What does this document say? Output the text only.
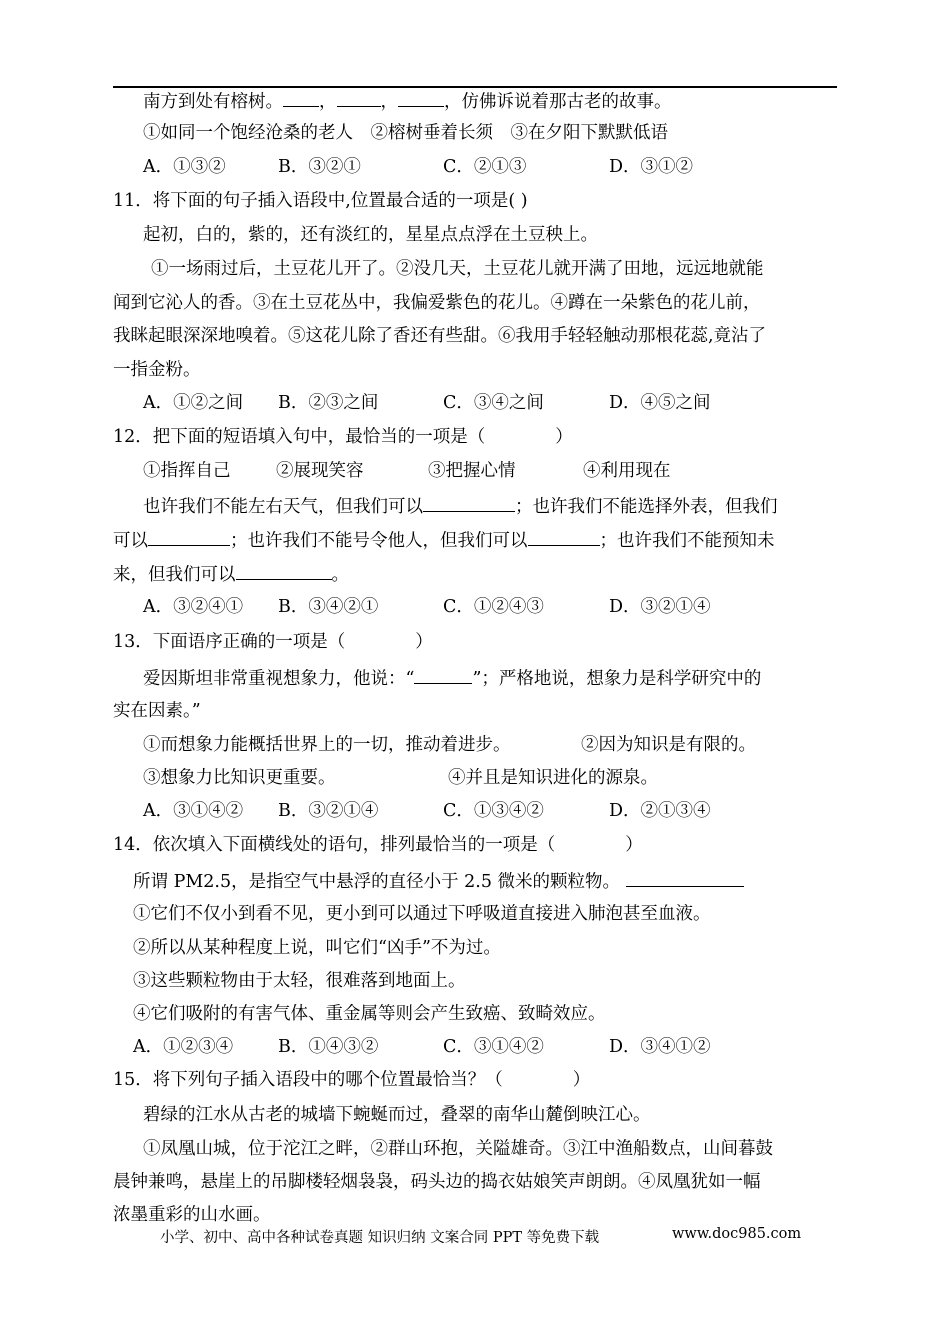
南方到处有榕树。 ，	，	，仿佛诉说着那古老的故事。
①如同一个饱经沧桑的老人　②榕树垂着长须　③在夕阳下默默低语
A．①③②	B．③②①	C．②①③	D．③①②
11．将下面的句子插入语段中,位置最合适的一项是( )
起初，白的，紫的，还有淡红的，星星点点浮在土豆秧上。
①一场雨过后，土豆花儿开了。②没几天，土豆花儿就开满了田地，远远地就能
闻到它沁人的香。③在土豆花丛中，我偏爱紫色的花儿。④蹲在一朵紫色的花儿前，
我眯起眼深深地嗅着。⑤这花儿除了香还有些甜。⑥我用手轻轻触动那根花蕊,竟沾了
一指金粉。
A．①②之间 B．②③之间	C．③④之间	D．④⑤之间
12．把下面的短语填入句中，最恰当的一项是（　　　　）
①指挥自己	②展现笑容	③把握心情	④利用现在
也许我们不能左右天气，但我们可以	；也许我们不能选择外表，但我们
可以	；也许我们不能号令他人，但我们可以	；也许我们不能预知未
来，但我们可以	。
A．③②④① B．③④②①	C．①②④③	D．③②①④
13．下面语序正确的一项是（　　　　）
爱因斯坦非常重视想象力，他说：“	”；严格地说，想象力是科学研究中的
实在因素。”
①而想象力能概括世界上的一切，推动着进步。	②因为知识是有限的。
③想象力比知识更重要。	④并且是知识进化的源泉。
A．③①④② B．③②①④	C．①③④②	D．②①③④
14．依次填入下面横线处的语句，排列最恰当的一项是（　　　　）
所谓 PM2.5，是指空气中悬浮的直径小于 2.5 微米的颗粒物。
①它们不仅小到看不见，更小到可以通过下呼吸道直接进入肺泡甚至血液。
②所以从某种程度上说，叫它们“凶手”不为过。
③这些颗粒物由于太轻，很难落到地面上。
④它们吸附的有害气体、重金属等则会产生致癌、致畸效应。
A．①②③④	B．①④③②	C．③①④②	D．③④①②
15．将下列句子插入语段中的哪个位置最恰当？（　　　　）
碧绿的江水从古老的城墙下蜿蜒而过，叠翠的南华山麓倒映江心。
①凤凰山城，位于沱江之畔，②群山环抱，关隘雄奇。③江中渔船数点，山间暮鼓
晨钟兼鸣，悬崖上的吊脚楼轻烟袅袅，码头边的捣衣姑娘笑声朗朗。④凤凰犹如一幅
浓墨重彩的山水画。
小学、初中、高中各种试卷真题 知识归纳 文案合同 PPT 等免费下载	www.doc985.com
